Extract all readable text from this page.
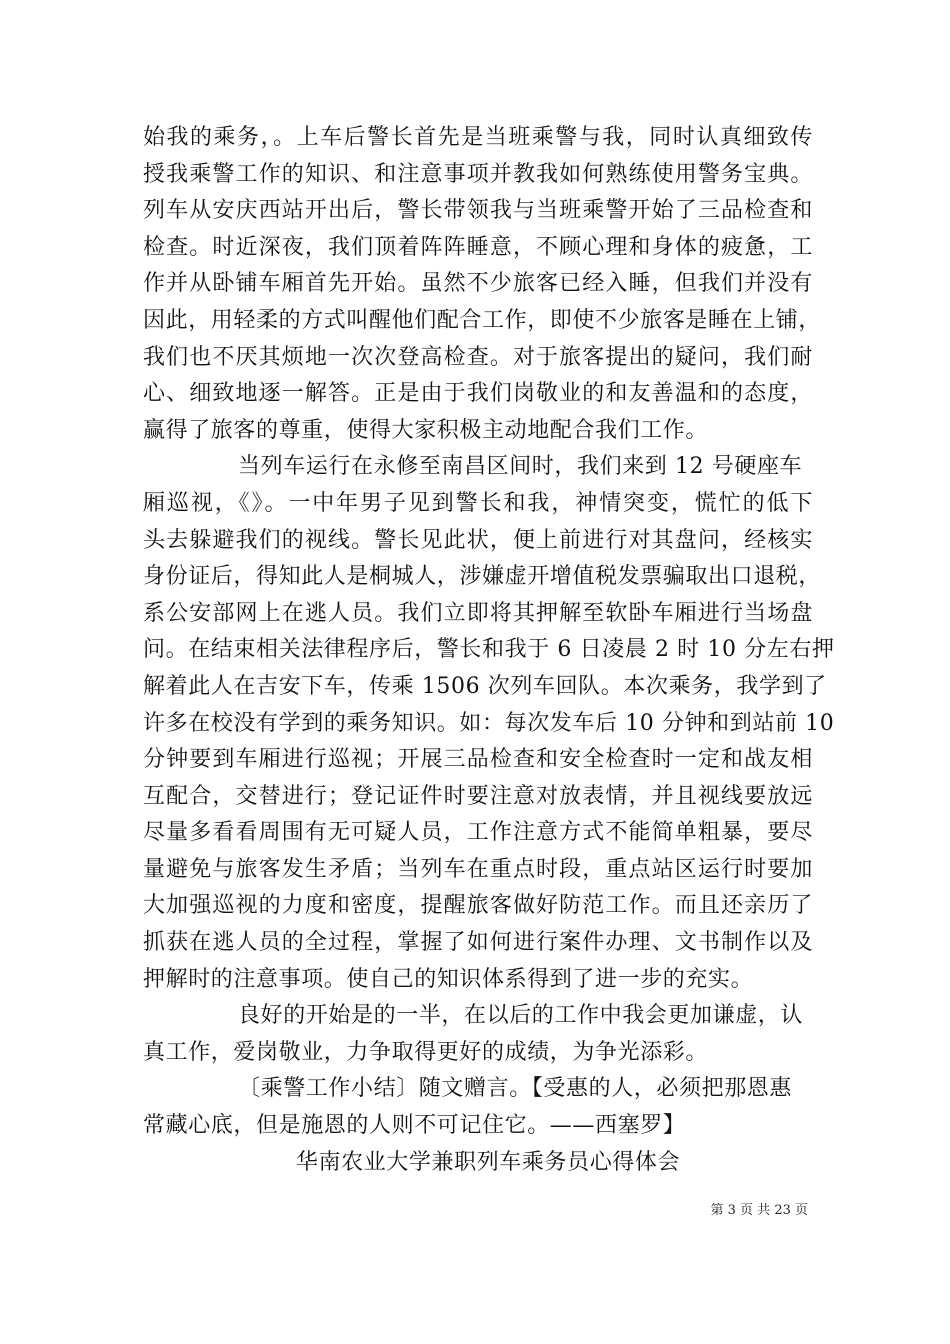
始我的乘务，。上车后警长首先是当班乘警与我，同时认真细致传
授我乘警工作的知识、和注意事项并教我如何熟练使用警务宝典。
列车从安庆西站开出后，警长带领我与当班乘警开始了三品检查和
检查。时近深夜，我们顶着阵阵睡意，不顾心理和身体的疲惫，工
作并从卧铺车厢首先开始。虽然不少旅客已经入睡，但我们并没有
因此，用轻柔的方式叫醒他们配合工作，即使不少旅客是睡在上铺，
我们也不厌其烦地一次次登高检查。对于旅客提出的疑问，我们耐
心、细致地逐一解答。正是由于我们岗敬业的和友善温和的态度，
赢得了旅客的尊重，使得大家积极主动地配合我们工作。
当列车运行在永修至南昌区间时，我们来到 12 号硬座车
厢巡视，《》。一中年男子见到警长和我，神情突变，慌忙的低下
头去躲避我们的视线。警长见此状，便上前进行对其盘问，经核实
身份证后，得知此人是桐城人，涉嫌虚开增值税发票骗取出口退税，
系公安部网上在逃人员。我们立即将其押解至软卧车厢进行当场盘
问。在结束相关法律程序后，警长和我于 6 日凌晨 2 时 10 分左右押
解着此人在吉安下车，传乘 1506 次列车回队。本次乘务，我学到了
许多在校没有学到的乘务知识。如：每次发车后 10 分钟和到站前 10
分钟要到车厢进行巡视；开展三品检查和安全检查时一定和战友相
互配合，交替进行；登记证件时要注意对放表情，并且视线要放远
尽量多看看周围有无可疑人员，工作注意方式不能简单粗暴，要尽
量避免与旅客发生矛盾；当列车在重点时段，重点站区运行时要加
大加强巡视的力度和密度，提醒旅客做好防范工作。而且还亲历了
抓获在逃人员的全过程，掌握了如何进行案件办理、文书制作以及
押解时的注意事项。使自己的知识体系得到了进一步的充实。
良好的开始是的一半，在以后的工作中我会更加谦虚，认
真工作，爱岗敬业，力争取得更好的成绩，为争光添彩。
〔乘警工作小结〕随文赠言。【受惠的人，必须把那恩惠
常藏心底，但是施恩的人则不可记住它。——西塞罗】
华南农业大学兼职列车乘务员心得体会
第 3 页 共 23 页
